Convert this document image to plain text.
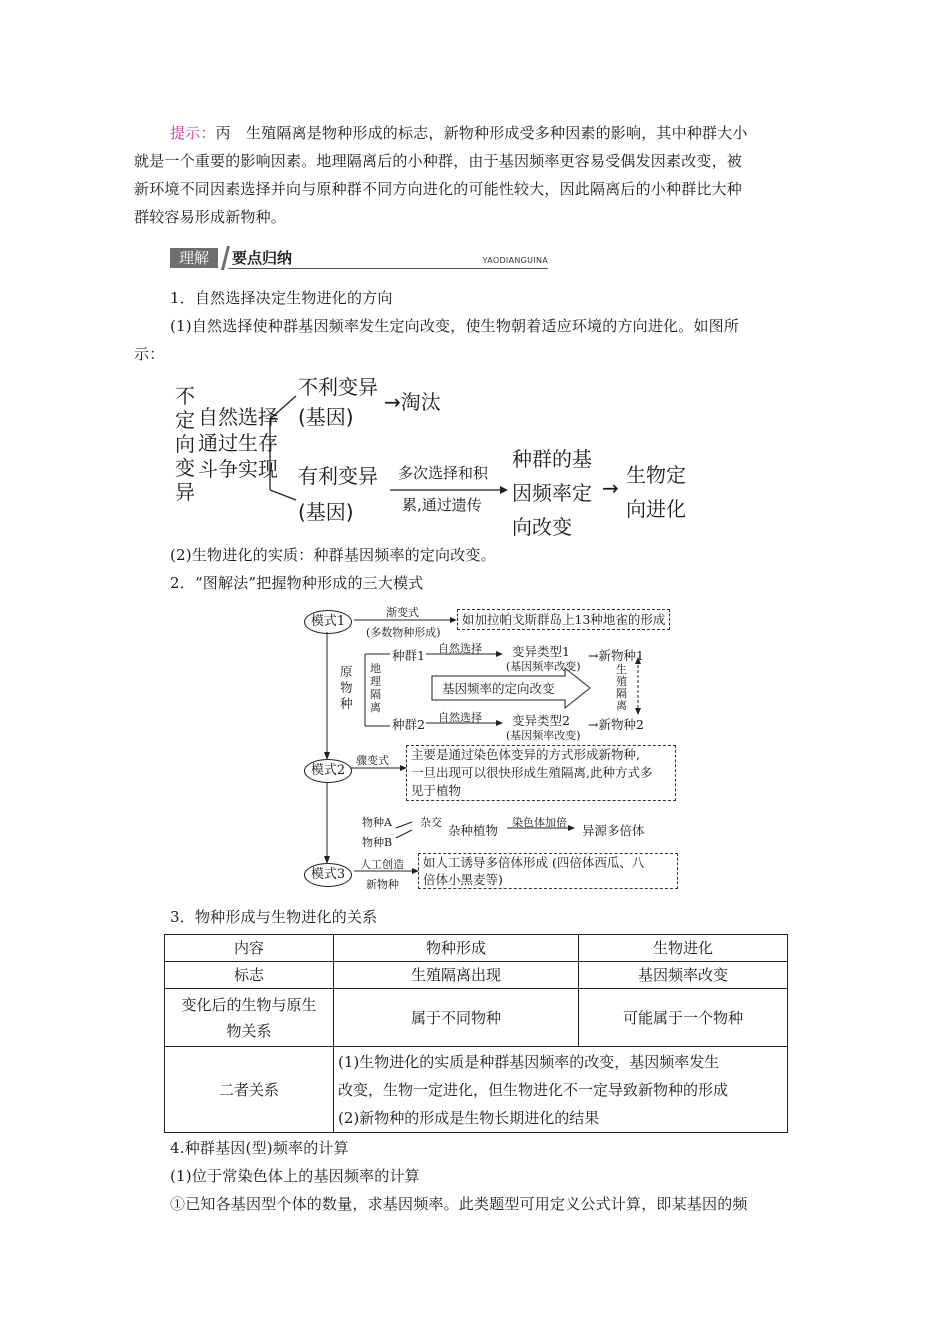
提示：丙　生殖隔离是物种形成的标志，新物种形成受多种因素的影响，其中种群大小
就是一个重要的影响因素。地理隔离后的小种群，由于基因频率更容易受偶发因素改变，被
新环境不同因素选择并向与原种群不同方向进化的可能性较大，因此隔离后的小种群比大种
群较容易形成新物种。
理解	要点归纳	YAODIANGUINA
1．自然选择决定生物进化的方向
(1)自然选择使种群基因频率发生定向改变，使生物朝着适应环境的方向进化。如图所
示：
不
定
向
变
异
自然选择
通过生存
斗争实现
不利变异
(基因)
→淘汰
有利变异
(基因)
多次选择和积
累,通过遗传
种群的基
因频率定
向改变
→
生物定
向进化
(2)生物进化的实质：种群基因频率的定向改变。
2．“图解法”把握物种形成的三大模式
模式1
模式2
模式3
渐变式
(多数物种形成)
如加拉帕戈斯群岛上13种地雀的形成
原
物
种
地
理
隔
离
种群1
种群2
自然选择
自然选择
变异类型1
(基因频率改变)
变异类型2
(基因频率改变)
基因频率的定向改变
→新物种1
→新物种2
生
殖
隔
离
骤变式 主要是通过染色体变异的方式形成新物种,
一旦出现可以很快形成生殖隔离,此种方式多
见于植物
物种A
物种B
杂交
杂种植物
染色体加倍
异源多倍体
人工创造
新物种
如人工诱导多倍体形成 (四倍体西瓜、八
倍体小黑麦等)
3．物种形成与生物进化的关系
内容	物种形成	生物进化
标志	生殖隔离出现	基因频率改变

变化后的生物与原生
物关系	属于不同物种	可能属于一个物种
二者关系	(1)生物进化的实质是种群基因频率的改变，基因频率发生
改变，生物一定进化，但生物进化不一定导致新物种的形成
(2)新物种的形成是生物长期进化的结果	
4.种群基因(型)频率的计算
(1)位于常染色体上的基因频率的计算
①已知各基因型个体的数量，求基因频率。此类题型可用定义公式计算，即某基因的频
